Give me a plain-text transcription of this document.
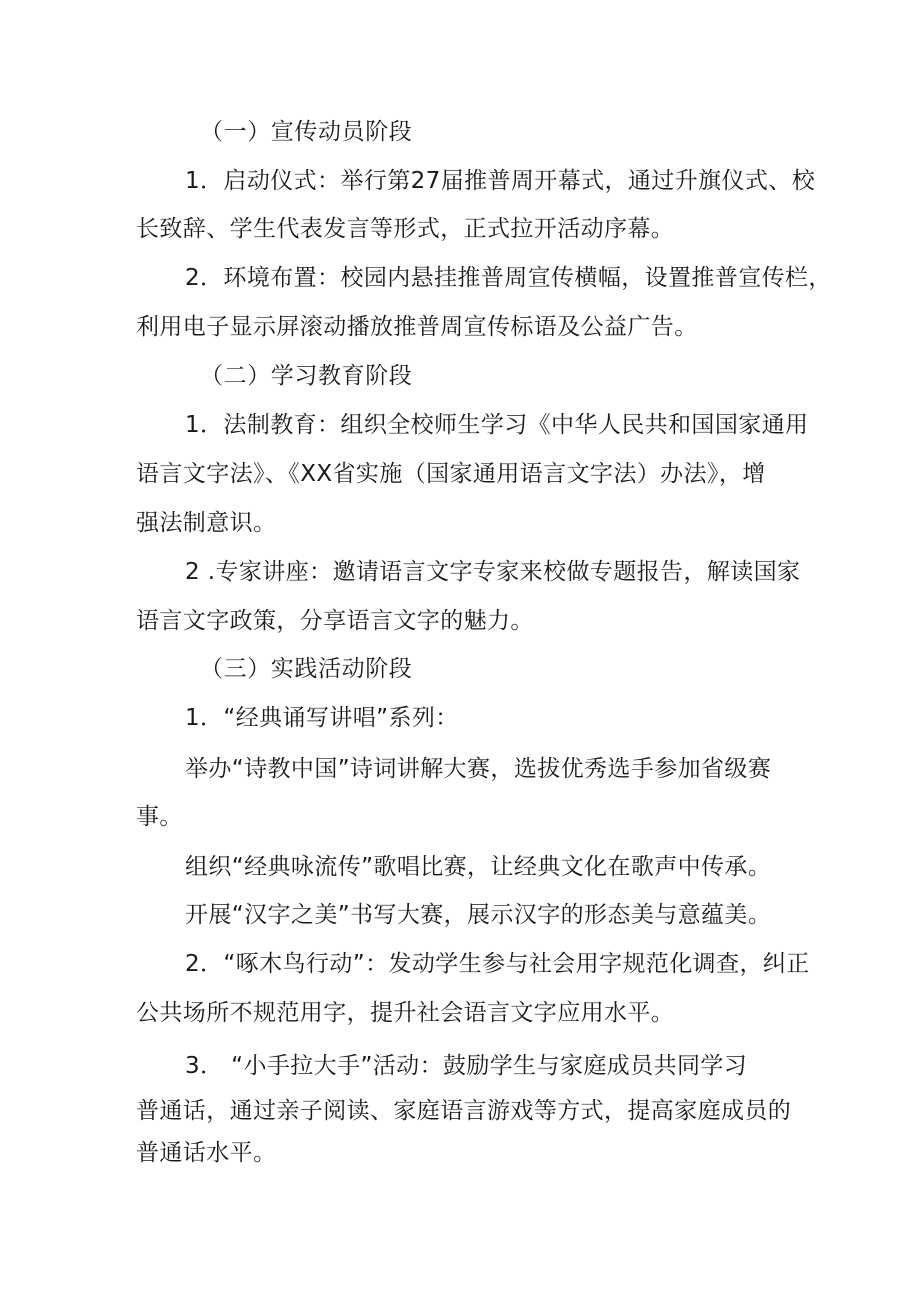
（一）宣传动员阶段
1．启动仪式：举行第27届推普周开幕式，通过升旗仪式、校
长致辞、学生代表发言等形式，正式拉开活动序幕。
2．环境布置：校园内悬挂推普周宣传横幅，设置推普宣传栏，
利用电子显示屏滚动播放推普周宣传标语及公益广告。
（二）学习教育阶段
1．法制教育：组织全校师生学习《中华人民共和国国家通用
语言文字法》、《XX省实施（国家通用语言文字法）办法》，增
强法制意识。
2 .专家讲座：邀请语言文字专家来校做专题报告，解读国家
语言文字政策，分享语言文字的魅力。
（三）实践活动阶段
1．“经典诵写讲唱”系列：
举办“诗教中国”诗词讲解大赛，选拔优秀选手参加省级赛
事。
组织“经典咏流传”歌唱比赛，让经典文化在歌声中传承。
开展“汉字之美”书写大赛，展示汉字的形态美与意蕴美。
2．“啄木鸟行动”：发动学生参与社会用字规范化调查，纠正
公共场所不规范用字，提升社会语言文字应用水平。
3． “小手拉大手”活动：鼓励学生与家庭成员共同学习
普通话，通过亲子阅读、家庭语言游戏等方式，提高家庭成员的
普通话水平。
